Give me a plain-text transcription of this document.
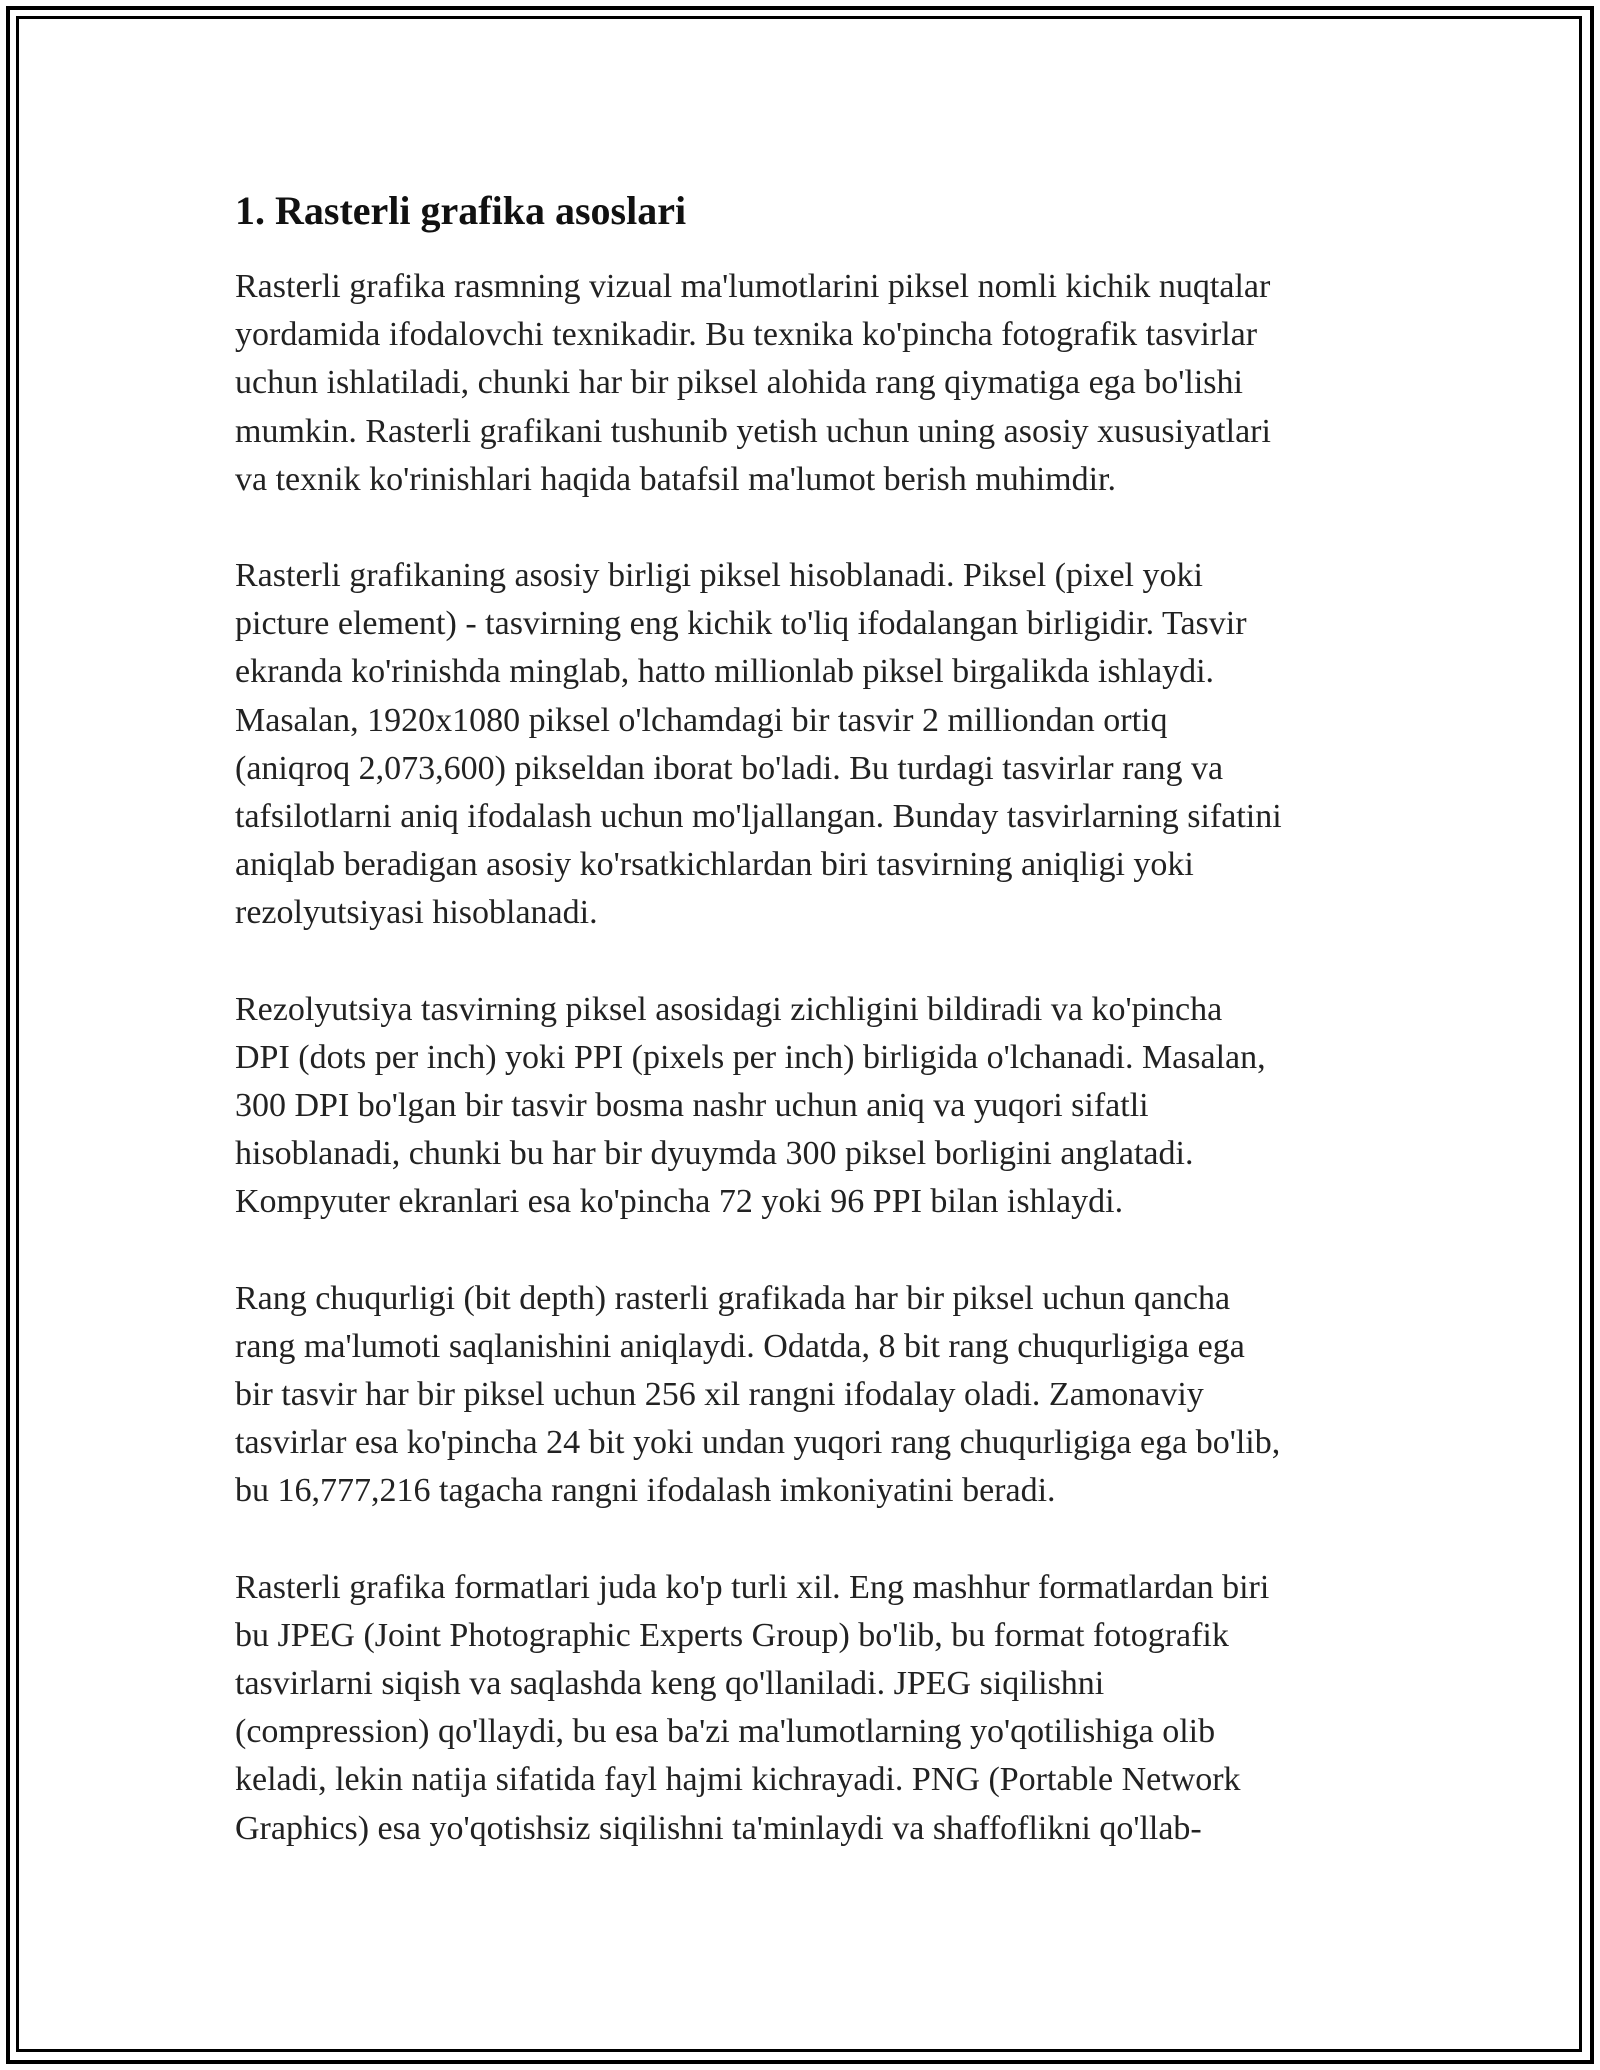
1. Rasterli grafika asoslari

Rasterli grafika rasmning vizual ma'lumotlarini piksel nomli kichik nuqtalar
yordamida ifodalovchi texnikadir. Bu texnika ko'pincha fotografik tasvirlar
uchun ishlatiladi, chunki har bir piksel alohida rang qiymatiga ega bo'lishi
mumkin. Rasterli grafikani tushunib yetish uchun uning asosiy xususiyatlari
va texnik ko'rinishlari haqida batafsil ma'lumot berish muhimdir.

Rasterli grafikaning asosiy birligi piksel hisoblanadi. Piksel (pixel yoki
picture element) - tasvirning eng kichik to'liq ifodalangan birligidir. Tasvir
ekranda ko'rinishda minglab, hatto millionlab piksel birgalikda ishlaydi.
Masalan, 1920x1080 piksel o'lchamdagi bir tasvir 2 milliondan ortiq
(aniqroq 2,073,600) pikseldan iborat bo'ladi. Bu turdagi tasvirlar rang va
tafsilotlarni aniq ifodalash uchun mo'ljallangan. Bunday tasvirlarning sifatini
aniqlab beradigan asosiy ko'rsatkichlardan biri tasvirning aniqligi yoki
rezolyutsiyasi hisoblanadi.

Rezolyutsiya tasvirning piksel asosidagi zichligini bildiradi va ko'pincha
DPI (dots per inch) yoki PPI (pixels per inch) birligida o'lchanadi. Masalan,
300 DPI bo'lgan bir tasvir bosma nashr uchun aniq va yuqori sifatli
hisoblanadi, chunki bu har bir dyuymda 300 piksel borligini anglatadi.
Kompyuter ekranlari esa ko'pincha 72 yoki 96 PPI bilan ishlaydi.

Rang chuqurligi (bit depth) rasterli grafikada har bir piksel uchun qancha
rang ma'lumoti saqlanishini aniqlaydi. Odatda, 8 bit rang chuqurligiga ega
bir tasvir har bir piksel uchun 256 xil rangni ifodalay oladi. Zamonaviy
tasvirlar esa ko'pincha 24 bit yoki undan yuqori rang chuqurligiga ega bo'lib,
bu 16,777,216 tagacha rangni ifodalash imkoniyatini beradi.

Rasterli grafika formatlari juda ko'p turli xil. Eng mashhur formatlardan biri
bu JPEG (Joint Photographic Experts Group) bo'lib, bu format fotografik
tasvirlarni siqish va saqlashda keng qo'llaniladi. JPEG siqilishni
(compression) qo'llaydi, bu esa ba'zi ma'lumotlarning yo'qotilishiga olib
keladi, lekin natija sifatida fayl hajmi kichrayadi. PNG (Portable Network
Graphics) esa yo'qotishsiz siqilishni ta'minlaydi va shaffoflikni qo'llab-
